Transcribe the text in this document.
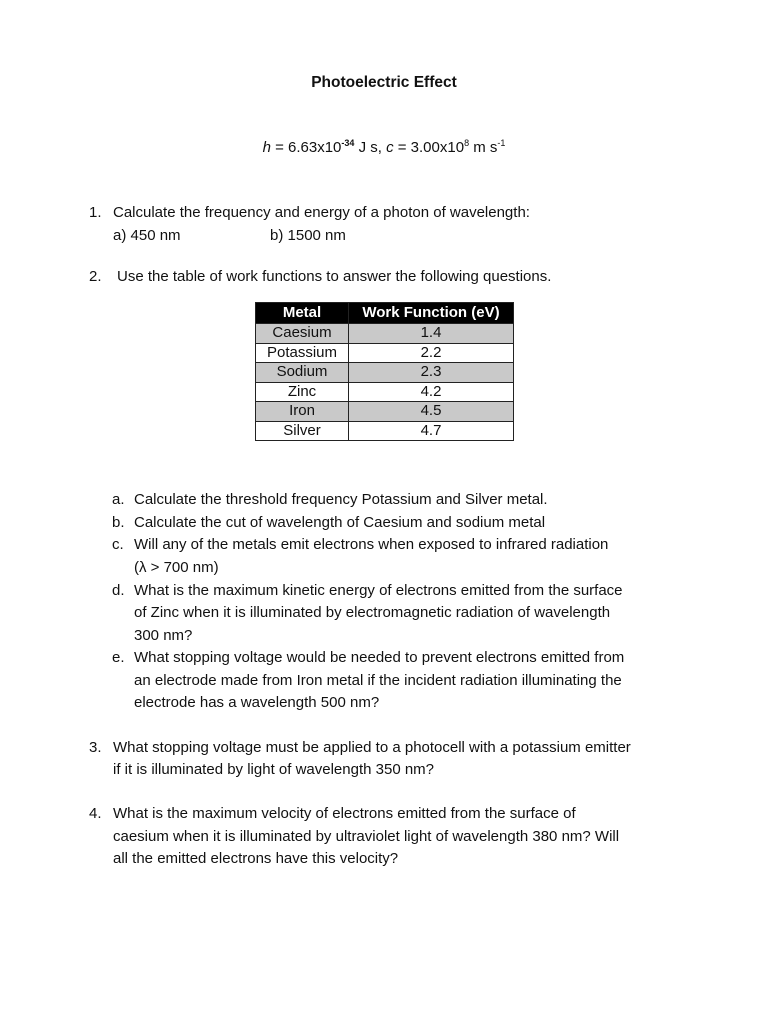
Photoelectric Effect
$h = 6.63x10^{-34}$ J s, $c = 3.00x10^8$ m $s^{-1}$
1. Calculate the frequency and energy of a photon of wavelength:
a) 450 nm	b) 1500 nm
2. Use the table of work functions to answer the following questions.
Metal	Work Function (eV)
Caesium	1.4
Potassium	2.2
Sodium	2.3
Zinc	4.2
Iron	4.5
Silver	4.7
a. Calculate the threshold frequency Potassium and Silver metal.
b. Calculate the cut of wavelength of Caesium and sodium metal
c. Will any of the metals emit electrons when exposed to infrared radiation
(λ > 700 nm)
d. What is the maximum kinetic energy of electrons emitted from the surface
of Zinc when it is illuminated by electromagnetic radiation of wavelength
300 nm?
e. What stopping voltage would be needed to prevent electrons emitted from
an electrode made from Iron metal if the incident radiation illuminating the
electrode has a wavelength 500 nm?
3. What stopping voltage must be applied to a photocell with a potassium emitter
if it is illuminated by light of wavelength 350 nm?
4. What is the maximum velocity of electrons emitted from the surface of
caesium when it is illuminated by ultraviolet light of wavelength 380 nm? Will
all the emitted electrons have this velocity?
